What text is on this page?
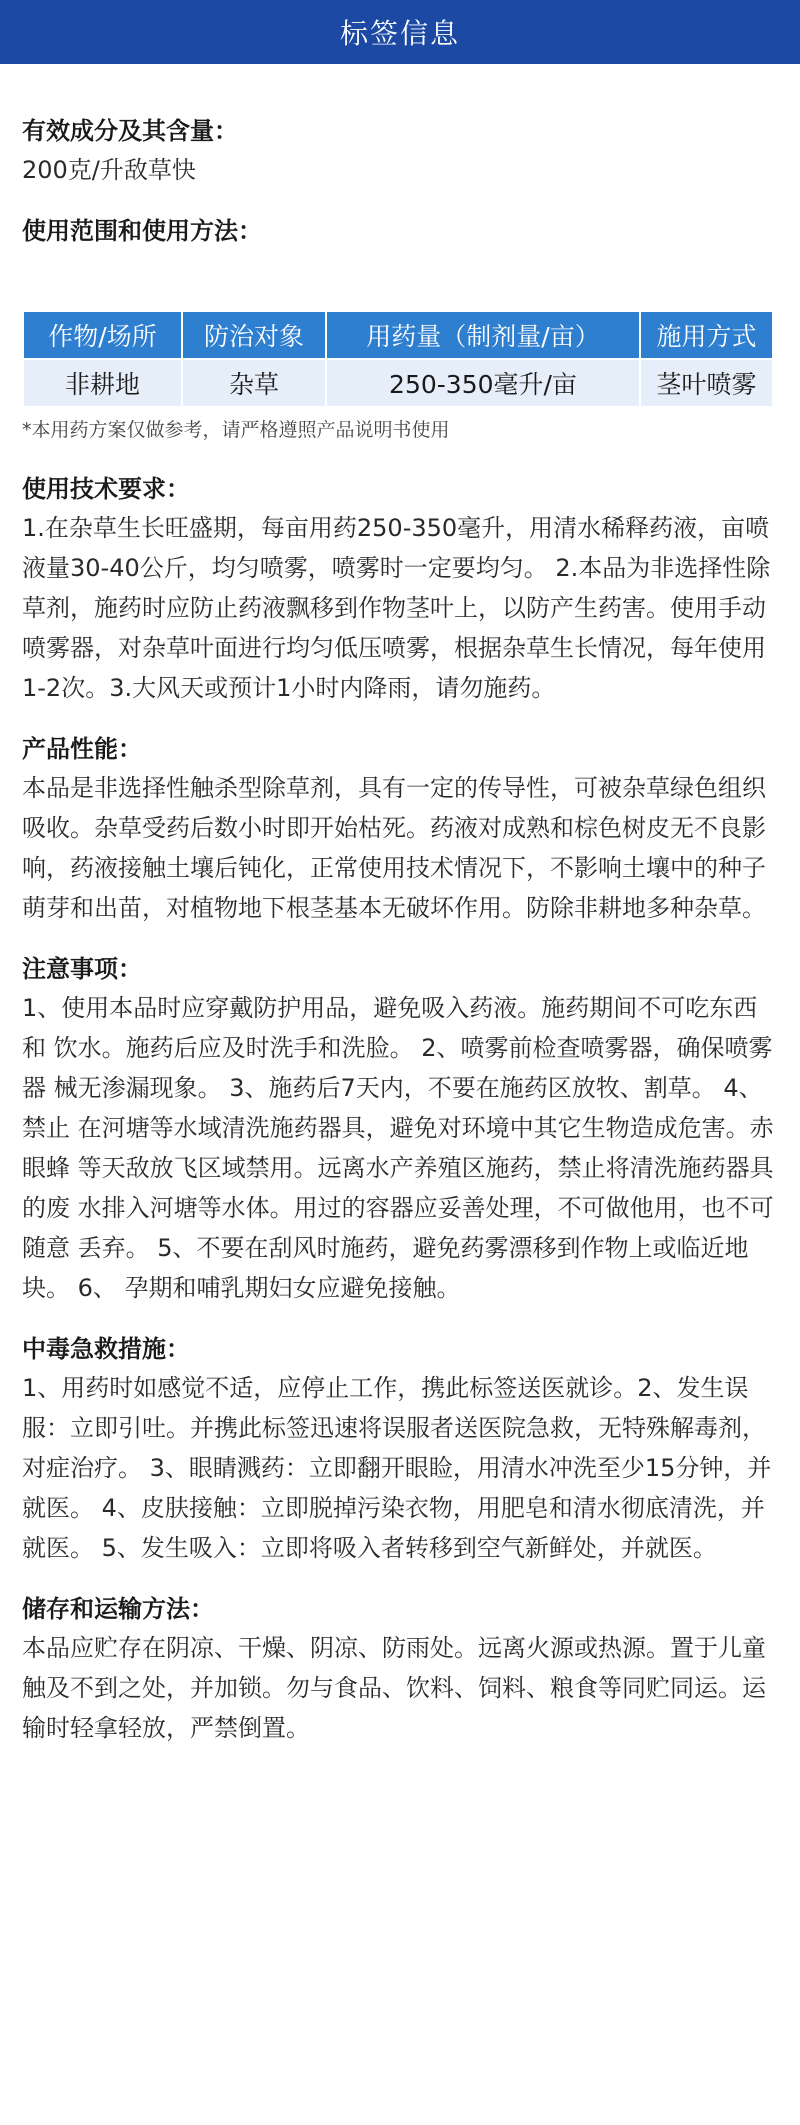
标签信息
有效成分及其含量：
200克/升敌草快
使用范围和使用方法：
作物/场所	防治对象	用药量（制剂量/亩）	施用方式
非耕地	杂草	250-350毫升/亩	茎叶喷雾
*本用药方案仅做参考，请严格遵照产品说明书使用
使用技术要求：
1.在杂草生长旺盛期，每亩用药250-350毫升，用清水稀释药液，亩喷液量30-40公斤，均匀喷雾，喷雾时一定要均匀。 2.本品为非选择性除草剂，施药时应防止药液飘移到作物茎叶上，以防产生药害。使用手动喷雾器，对杂草叶面进行均匀低压喷雾，根据杂草生长情况，每年使用1-2次。3.大风天或预计1小时内降雨，请勿施药。
产品性能：
本品是非选择性触杀型除草剂，具有一定的传导性，可被杂草绿色组织 吸收。杂草受药后数小时即开始枯死。药液对成熟和棕色树皮无不良影 响，药液接触土壤后钝化，正常使用技术情况下，不影响土壤中的种子 萌芽和出苗，对植物地下根茎基本无破坏作用。防除非耕地多种杂草。
注意事项：
1、使用本品时应穿戴防护用品，避免吸入药液。施药期间不可吃东西和 饮水。施药后应及时洗手和洗脸。 2、喷雾前检查喷雾器，确保喷雾器 械无渗漏现象。 3、施药后7天内，不要在施药区放牧、割草。 4、禁止 在河塘等水域清洗施药器具，避免对环境中其它生物造成危害。赤眼蜂 等天敌放飞区域禁用。远离水产养殖区施药，禁止将清洗施药器具的废 水排入河塘等水体。用过的容器应妥善处理，不可做他用，也不可随意 丢弃。 5、不要在刮风时施药，避免药雾漂移到作物上或临近地块。 6、 孕期和哺乳期妇女应避免接触。
中毒急救措施：
1、用药时如感觉不适，应停止工作，携此标签送医就诊。2、发生误 服：立即引吐。并携此标签迅速将误服者送医院急救，无特殊解毒剂， 对症治疗。 3、眼睛溅药：立即翻开眼睑，用清水冲洗至少15分钟，并 就医。 4、皮肤接触：立即脱掉污染衣物，用肥皂和清水彻底清洗，并 就医。 5、发生吸入：立即将吸入者转移到空气新鲜处，并就医。
储存和运输方法：
本品应贮存在阴凉、干燥、阴凉、防雨处。远离火源或热源。置于儿童 触及不到之处，并加锁。勿与食品、饮料、饲料、粮食等同贮同运。运 输时轻拿轻放，严禁倒置。
